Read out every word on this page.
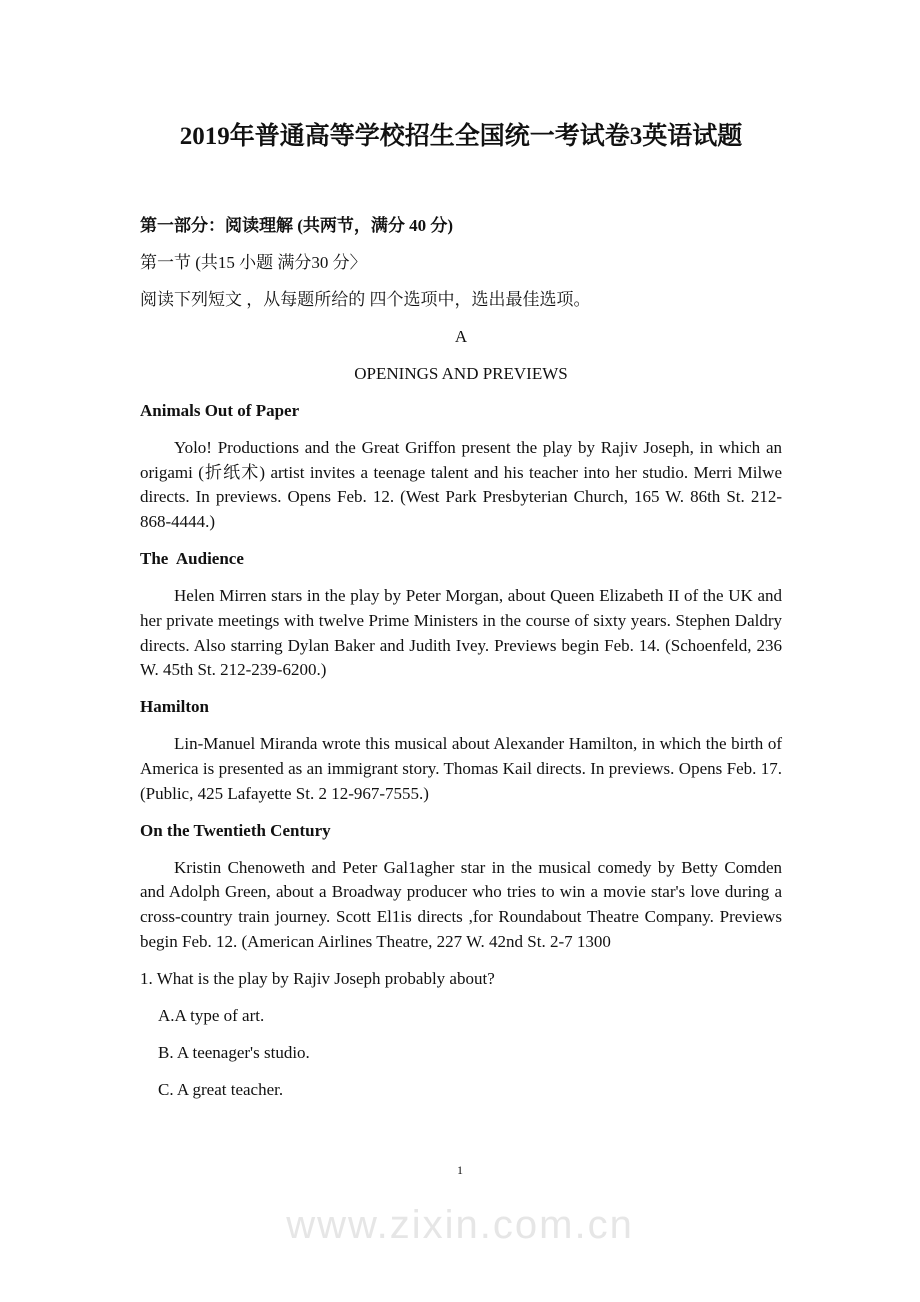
2019年普通高等学校招生全国统一考试卷3英语试题
第一部分：阅读理解 (共两节，满分 40 分)
第一节 (共15 小题 满分30 分〉
阅读下列短文 ，从每题所给的 四个选项中，选出最佳选项。
A
OPENINGS AND PREVIEWS
Animals Out of Paper
Yolo! Productions and the Great Griffon present the play by Rajiv Joseph, in which an origami (折纸术) artist invites a teenage talent and his teacher into her studio. Merri Milwe directs. In previews. Opens Feb. 12. (West Park Presbyterian Church, 165 W. 86th St. 212-868-4444.)
The  Audience
Helen Mirren stars in the play by Peter Morgan, about Queen Elizabeth II of the UK and her private meetings with twelve Prime Ministers in the course of sixty years. Stephen Daldry directs. Also starring Dylan Baker and Judith Ivey. Previews begin Feb. 14. (Schoenfeld, 236 W. 45th St. 212-239-6200.)
Hamilton
Lin-Manuel Miranda wrote this musical about Alexander Hamilton, in which the birth of America is presented as an immigrant story. Thomas Kail directs. In previews. Opens Feb. 17. (Public, 425 Lafayette St. 2 12-967-7555.)
On the Twentieth Century
Kristin Chenoweth and Peter Gal1agher star in the musical comedy by Betty Comden and Adolph Green, about a Broadway producer who tries to win a movie star's love during a cross-country train journey. Scott El1is directs ,for Roundabout Theatre Company. Previews begin Feb. 12. (American Airlines Theatre, 227 W. 42nd St. 2-7 1300
1. What is the play by Rajiv Joseph probably about?
A.A type of art.
B. A teenager's studio.
C. A great teacher.
1
www.zixin.com.cn
